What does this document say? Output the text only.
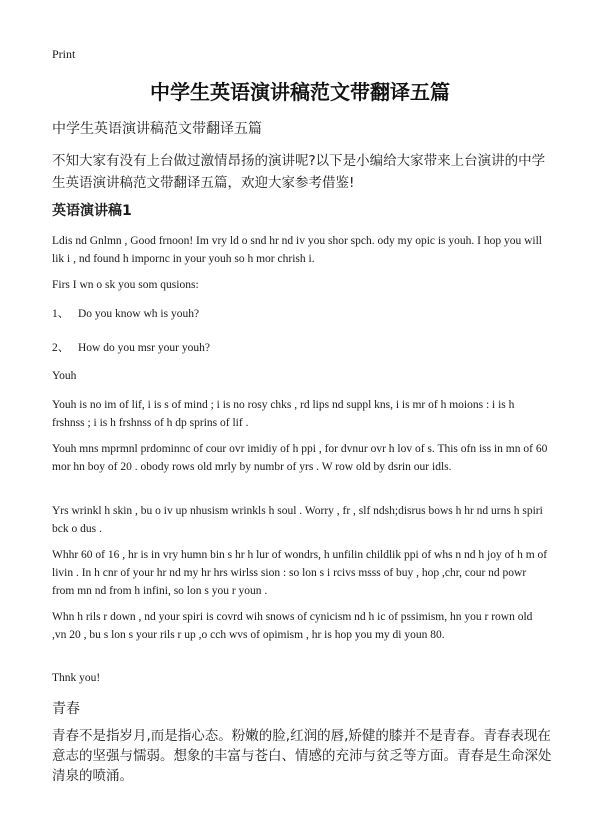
Print
中学生英语演讲稿范文带翻译五篇
中学生英语演讲稿范文带翻译五篇
不知大家有没有上台做过激情昂扬的演讲呢?以下是小编给大家带来上台演讲的中学生英语演讲稿范文带翻译五篇，欢迎大家参考借鉴!
英语演讲稿1
Ldis nd Gnlmn , Good frnoon! Im vry ld o snd hr nd iv you shor spch. ody my opic is youh. I hop you will lik i , nd found h impornc in your youh so h mor chrish i.
Firs I wn o sk you som qusions:
1、 Do you know wh is youh?
2、 How do you msr your youh?
Youh
Youh is no im of lif, i is s of mind ; i is no rosy chks , rd lips nd suppl kns, i is mr of h moions : i is h frshnss ; i is h frshnss of h dp sprins of lif .
Youh mns mprmnl prdominnc of cour ovr imidiy of h ppi , for dvnur ovr h lov of s. This ofn iss in mn of 60 mor hn boy of 20 . obody rows old mrly by numbr of yrs . W row old by dsrin our idls.
Yrs wrinkl h skin , bu o iv up nhusism wrinkls h soul . Worry , fr , slf ndsh;disrus bows h hr nd urns h spiri bck o dus .
Whhr 60 of 16 , hr is in vry humn bin s hr h lur of wondrs, h unfilin childlik ppi of whs n nd h joy of h m of livin . In h cnr of your hr nd my hr hrs wirlss sion : so lon s i rcivs msss of buy , hop ,chr, cour nd powr from mn nd from h infini, so lon s you r youn .
Whn h rils r down , nd your spiri is covrd wih snows of cynicism nd h ic of pssimism, hn you r rown old ,vn 20 , bu s lon s your rils r up ,o cch wvs of opimism , hr is hop you my di youn 80.
Thnk you!
青春
青春不是指岁月,而是指心态。粉嫩的脸,红润的唇,矫健的膝并不是青春。青春表现在意志的坚强与懦弱。想象的丰富与苍白、情感的充沛与贫乏等方面。青春是生命深处清泉的喷涌。
